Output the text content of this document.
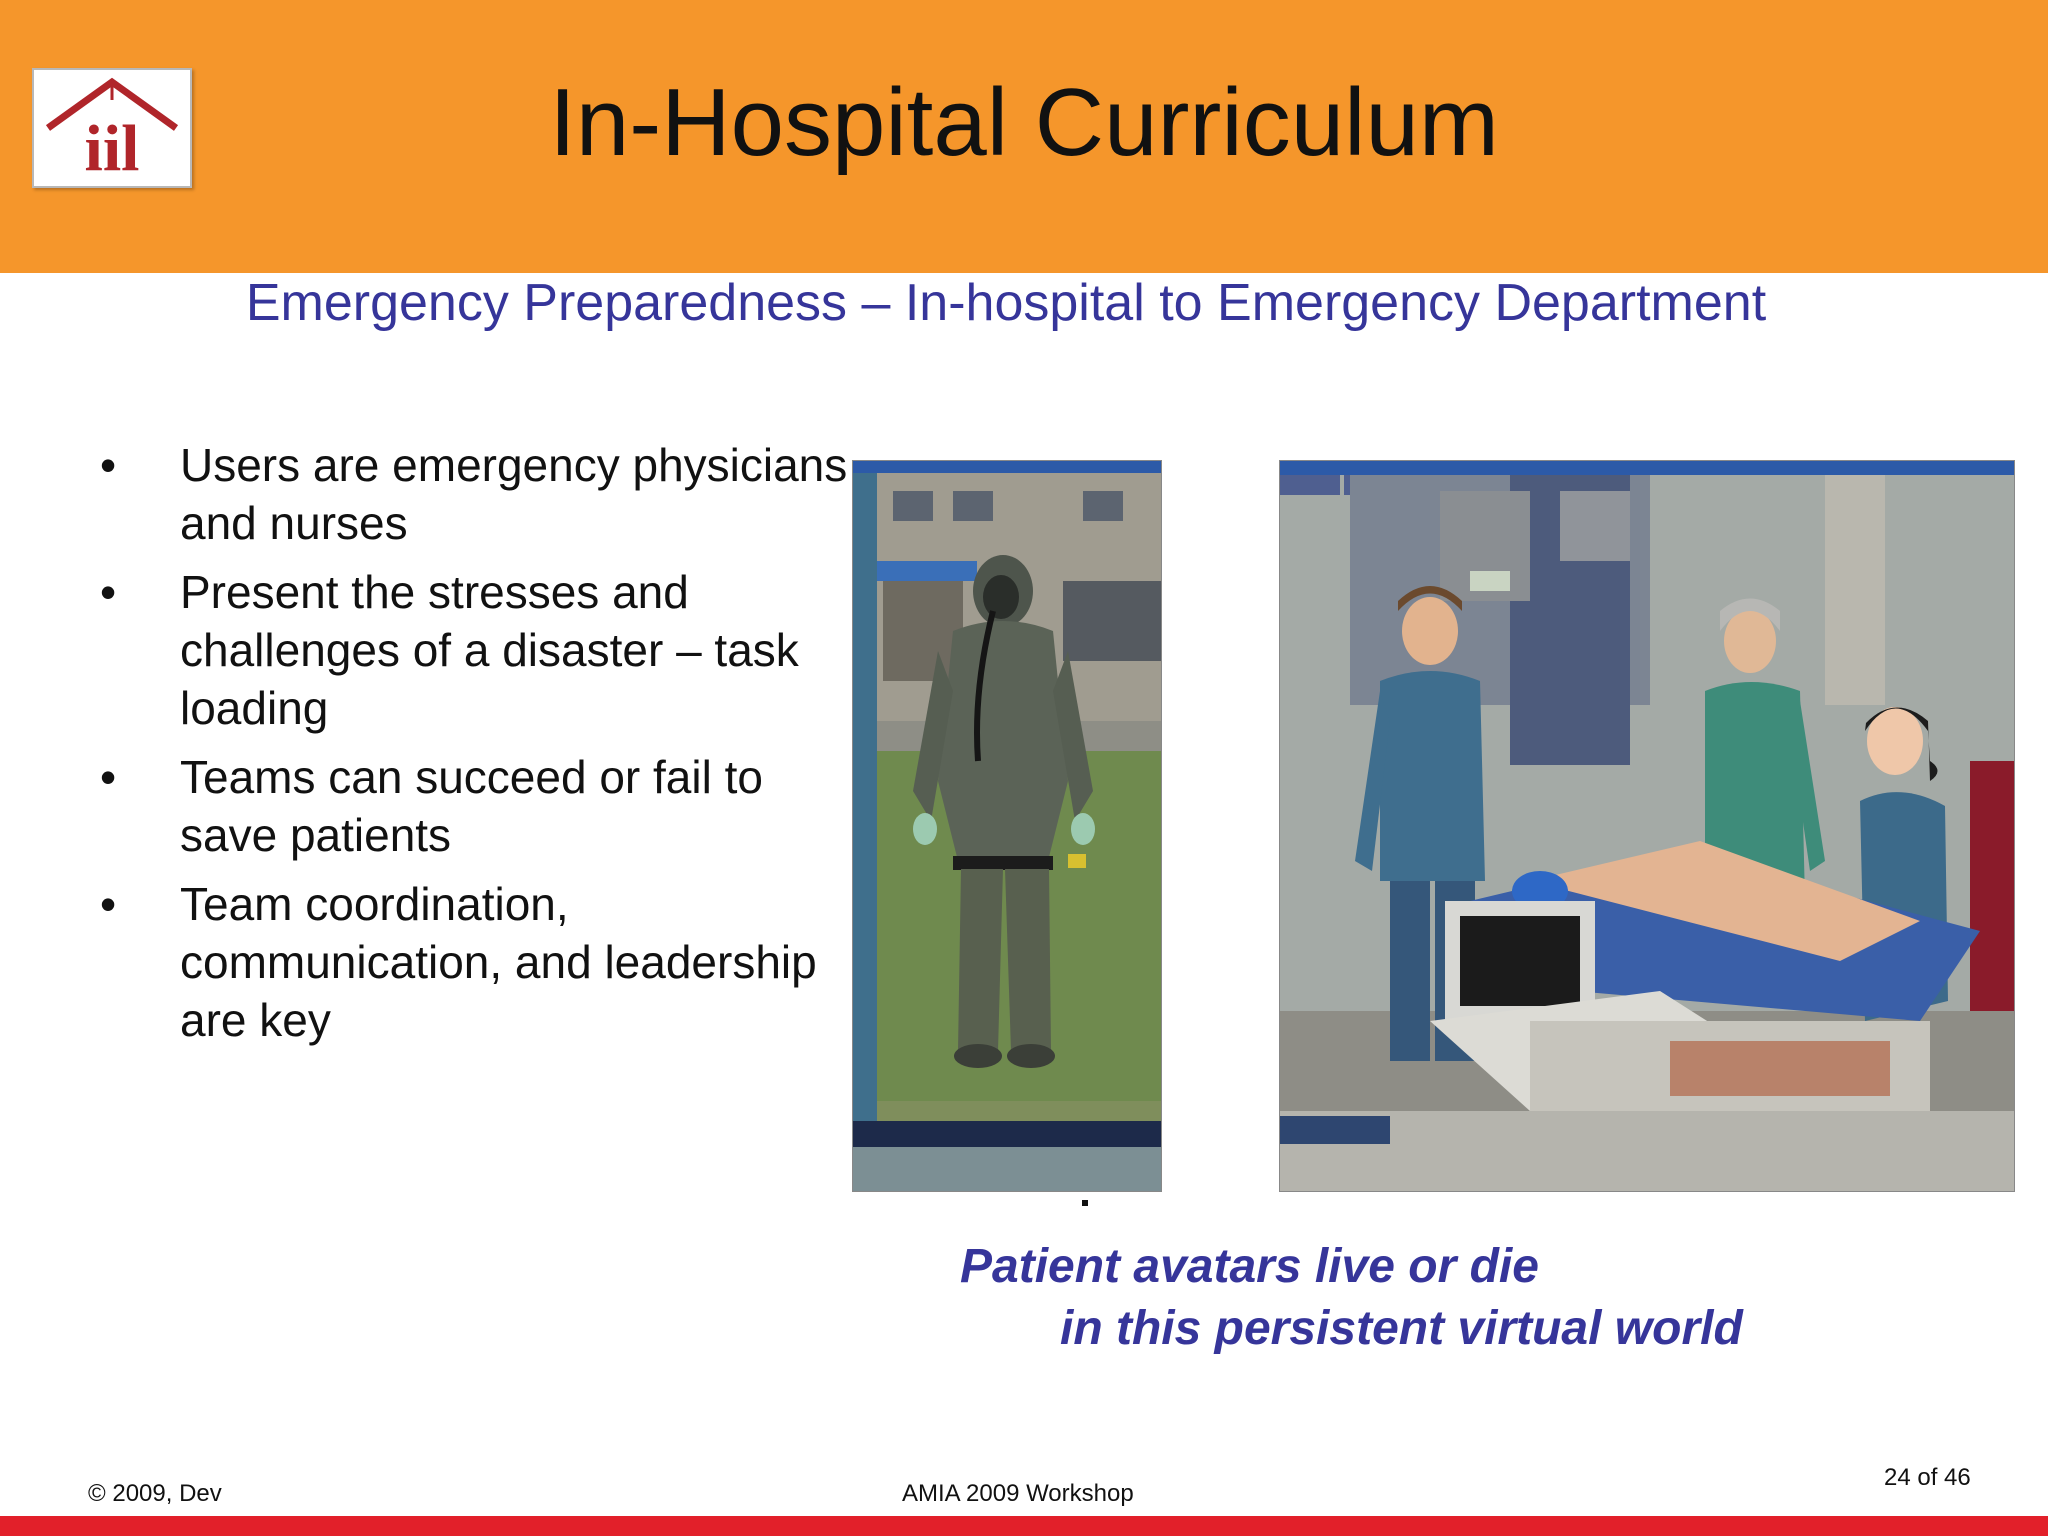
iil	In-Hospital Curriculum
Emergency Preparedness – In-hospital to Emergency Department
• Users are emergency physicians and nurses
• Present the stresses and challenges of a disaster – task loading
• Teams can succeed or fail to save patients
• Team coordination, communication, and leadership are key
Patient avatars live or die
in this persistent virtual world
© 2009, Dev	AMIA 2009 Workshop
24 of 46
